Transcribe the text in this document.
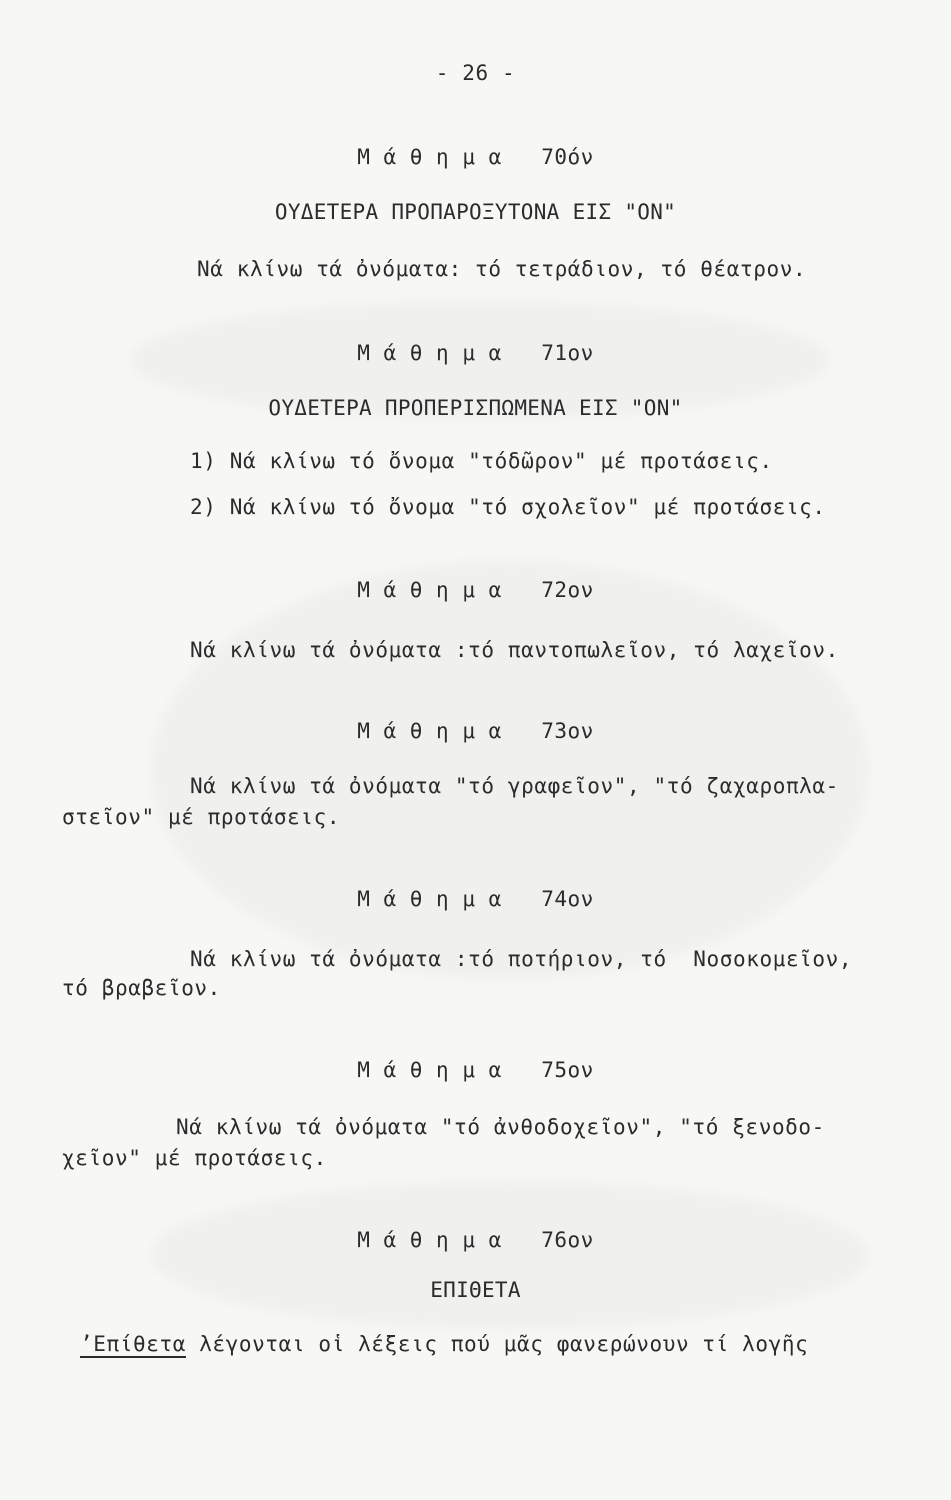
- 26 -
Μ ά θ η μ α   70όν
ΟΥΔΕΤΕΡΑ ΠΡΟΠΑΡΟΞΥΤΟΝΑ ΕΙΣ "ΟΝ"
Νά κλίνω τά ὀνόματα: τό τετράδιον, τό θέατρον.
Μ ά θ η μ α   71ον
ΟΥΔΕΤΕΡΑ ΠΡΟΠΕΡΙΣΠΩΜΕΝΑ ΕΙΣ "ΟΝ"
1) Νά κλίνω τό ὄνομα "τόδῶρον" μέ προτάσεις.
2) Νά κλίνω τό ὄνομα "τό σχολεῖον" μέ προτάσεις.
Μ ά θ η μ α   72ον
Νά κλίνω τά ὀνόματα :τό παντοπωλεῖον, τό λαχεῖον.
Μ ά θ η μ α   73ον
Νά κλίνω τά ὀνόματα "τό γραφεῖον", "τό ζαχαροπλα-
στεῖον" μέ προτάσεις.
Μ ά θ η μ α   74ον
Νά κλίνω τά ὀνόματα :τό ποτήριον, τό  Νοσοκομεῖον,
τό βραβεῖον.
Μ ά θ η μ α   75ον
Νά κλίνω τά ὀνόματα "τό ἀνθοδοχεῖον", "τό ξενοδο-
χεῖον" μέ προτάσεις.
Μ ά θ η μ α   76ον
ΕΠΙΘΕΤΑ
’Επίθετα λέγονται οἱ λέξεις πού μᾶς φανερώνουν τί λογῆς
